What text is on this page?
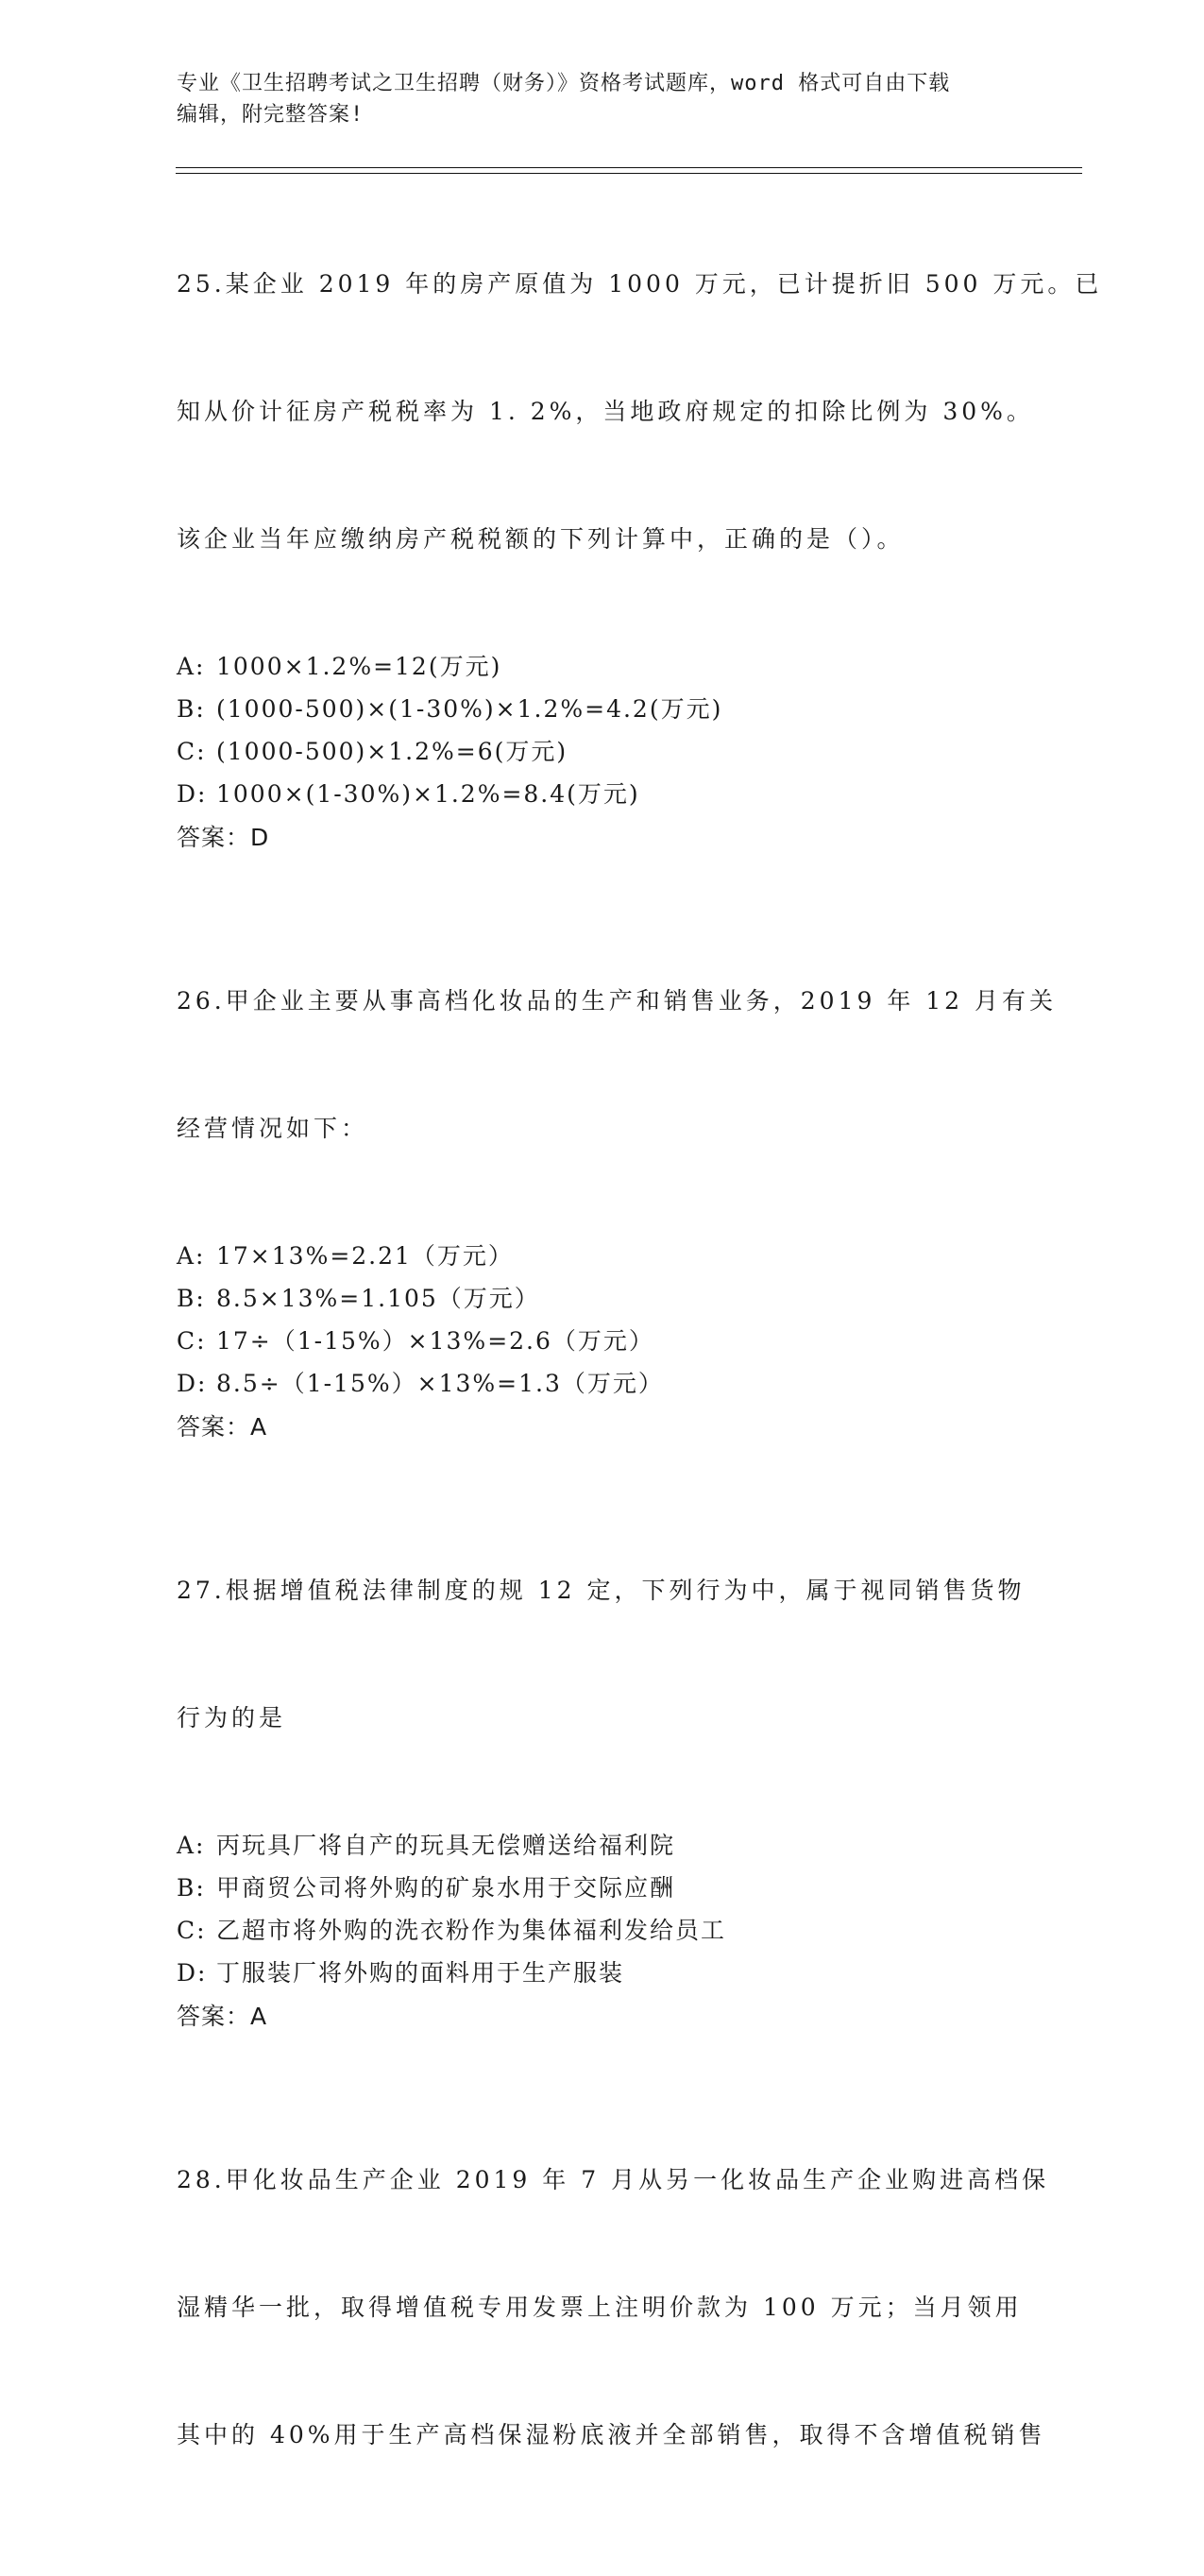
专业《卫生招聘考试之卫生招聘（财务）》资格考试题库，word 格式可自由下载
编辑，附完整答案!

25.某企业 2019 年的房产原值为 1000 万元，已计提折旧 500 万元。已

知从价计征房产税税率为 1. 2%，当地政府规定的扣除比例为 30%。

该企业当年应缴纳房产税税额的下列计算中，正确的是（）。

A: 1000×1.2%=12(万元)
B: (1000-500)×(1-30%)×1.2%=4.2(万元)
C: (1000-500)×1.2%=6(万元)
D: 1000×(1-30%)×1.2%=8.4(万元)
答案：D

26.甲企业主要从事高档化妆品的生产和销售业务，2019 年 12 月有关

经营情况如下：

A: 17×13%=2.21（万元）
B: 8.5×13%=1.105（万元）
C: 17÷（1-15%）×13%=2.6（万元）
D: 8.5÷（1-15%）×13%=1.3（万元）
答案：A

27.根据增值税法律制度的规 12 定，下列行为中，属于视同销售货物

行为的是

A: 丙玩具厂将自产的玩具无偿赠送给福利院
B: 甲商贸公司将外购的矿泉水用于交际应酬
C: 乙超市将外购的洗衣粉作为集体福利发给员工
D: 丁服装厂将外购的面料用于生产服装
答案：A

28.甲化妆品生产企业 2019 年 7 月从另一化妆品生产企业购进高档保

湿精华一批，取得增值税专用发票上注明价款为 100 万元；当月领用

其中的 40%用于生产高档保湿粉底液并全部销售，取得不含增值税销售
